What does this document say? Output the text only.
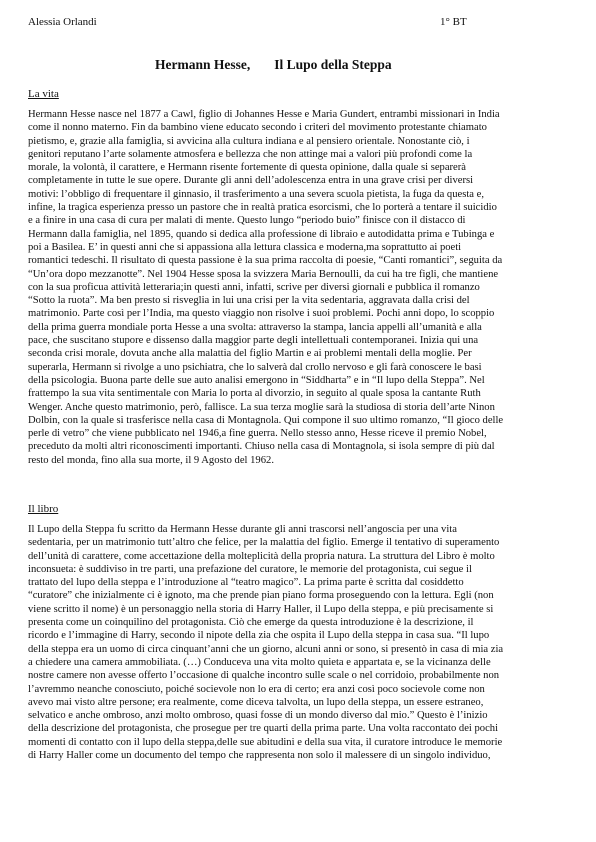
Alessia Orlandi	1° BT
Hermann Hesse, Il Lupo della Steppa
La vita
Hermann Hesse nasce nel 1877 a Cawl, figlio di Johannes Hesse e Maria Gundert, entrambi missionari in India
come il nonno materno. Fin da bambino viene educato secondo i criteri del movimento protestante chiamato
pietismo, e, grazie alla famiglia, si avvicina alla cultura indiana e al pensiero orientale. Nonostante ciò, i
genitori reputano l’arte solamente atmosfera e bellezza che non attinge mai a valori più profondi come la
morale, la volontà, il carattere, e Hermann risente fortemente di questa opinione, dalla quale si separerà
completamente in tutte le sue opere. Durante gli anni dell’adolescenza entra in una grave crisi per diversi
motivi: l’obbligo di frequentare il ginnasio, il trasferimento a una severa scuola pietista, la fuga da questa e,
infine, la tragica esperienza presso un pastore che in realtà pratica esorcismi, che lo porterà a tentare il suicidio
e a finire in una casa di cura per malati di mente. Questo lungo “periodo buio” finisce con il distacco di
Hermann dalla famiglia, nel 1895, quando si dedica alla professione di libraio e autodidatta prima e Tubinga e
poi a Basilea. E’ in questi anni che si appassiona alla lettura classica e moderna,ma soprattutto ai poeti
romantici tedeschi. Il risultato di questa passione è la sua prima raccolta di poesie, “Canti romantici”, seguita da
“Un’ora dopo mezzanotte”. Nel 1904 Hesse sposa la svizzera Maria Bernoulli, da cui ha tre figli, che mantiene
con la sua proficua attività letteraria;in questi anni, infatti, scrive per diversi giornali e pubblica il romanzo
“Sotto la ruota”. Ma ben presto si risveglia in lui una crisi per la vita sedentaria, aggravata dalla crisi del
matrimonio. Parte così per l’India, ma questo viaggio non risolve i suoi problemi. Pochi anni dopo, lo scoppio
della prima guerra mondiale porta Hesse a una svolta: attraverso la stampa, lancia appelli all’umanità e alla
pace, che suscitano stupore e dissenso dalla maggior parte degli intellettuali contemporanei. Inizia qui una
seconda crisi morale, dovuta anche alla malattia del figlio Martin e ai problemi mentali della moglie. Per
superarla, Hermann si rivolge a uno psichiatra, che lo salverà dal crollo nervoso e gli farà conoscere le basi
della psicologia. Buona parte delle sue auto analisi emergono in “Siddharta” e in “Il lupo della Steppa”. Nel
frattempo la sua vita sentimentale con Maria lo porta al divorzio, in seguito al quale sposa la cantante Ruth
Wenger. Anche questo matrimonio, però, fallisce. La sua terza moglie sarà la studiosa di storia dell’arte Ninon
Dolbin, con la quale si trasferisce nella casa di Montagnola. Qui compone il suo ultimo romanzo, “Il gioco delle
perle di vetro” che viene pubblicato nel 1946,a fine guerra. Nello stesso anno, Hesse riceve il premio Nobel,
preceduto da molti altri riconoscimenti importanti. Chiuso nella casa di Montagnola, si isola sempre di più dal
resto del monda, fino alla sua morte, il 9 Agosto del 1962.
Il libro
Il Lupo della Steppa fu scritto da Hermann Hesse durante gli anni trascorsi nell’angoscia per una vita
sedentaria, per un matrimonio tutt’altro che felice, per la malattia del figlio. Emerge il tentativo di superamento
dell’unità di carattere, come accettazione della molteplicità della propria natura. La struttura del Libro è molto
inconsueta: è suddiviso in tre parti, una prefazione del curatore, le memorie del protagonista, cui segue il
trattato del lupo della steppa e l’introduzione al “teatro magico”. La prima parte è scritta dal cosiddetto
“curatore” che inizialmente ci è ignoto, ma che prende pian piano forma proseguendo con la lettura. Egli (non
viene scritto il nome) è un personaggio nella storia di Harry Haller, il Lupo della steppa, e più precisamente si
presenta come un coinquilino del protagonista. Ciò che emerge da questa introduzione è la descrizione, il
ricordo e l’immagine di Harry, secondo il nipote della zia che ospita il Lupo della steppa in casa sua. “Il lupo
della steppa era un uomo di circa cinquant’anni che un giorno, alcuni anni or sono, si presentò in casa di mia zia
a chiedere una camera ammobiliata. (…) Conduceva una vita molto quieta e appartata e, se la vicinanza delle
nostre camere non avesse offerto l’occasione di qualche incontro sulle scale o nel corridoio, probabilmente non
l’avremmo neanche conosciuto, poiché socievole non lo era di certo; era anzi così poco socievole come non
avevo mai visto altre persone; era realmente, come diceva talvolta, un lupo della steppa, un essere estraneo,
selvatico e anche ombroso, anzi molto ombroso, quasi fosse di un mondo diverso dal mio.” Questo è l’inizio
della descrizione del protagonista, che prosegue per tre quarti della prima parte. Una volta raccontato dei pochi
momenti di contatto con il lupo della steppa,delle sue abitudini e della sua vita, il curatore introduce le memorie
di Harry Haller come un documento del tempo che rappresenta non solo il malessere di un singolo individuo,
